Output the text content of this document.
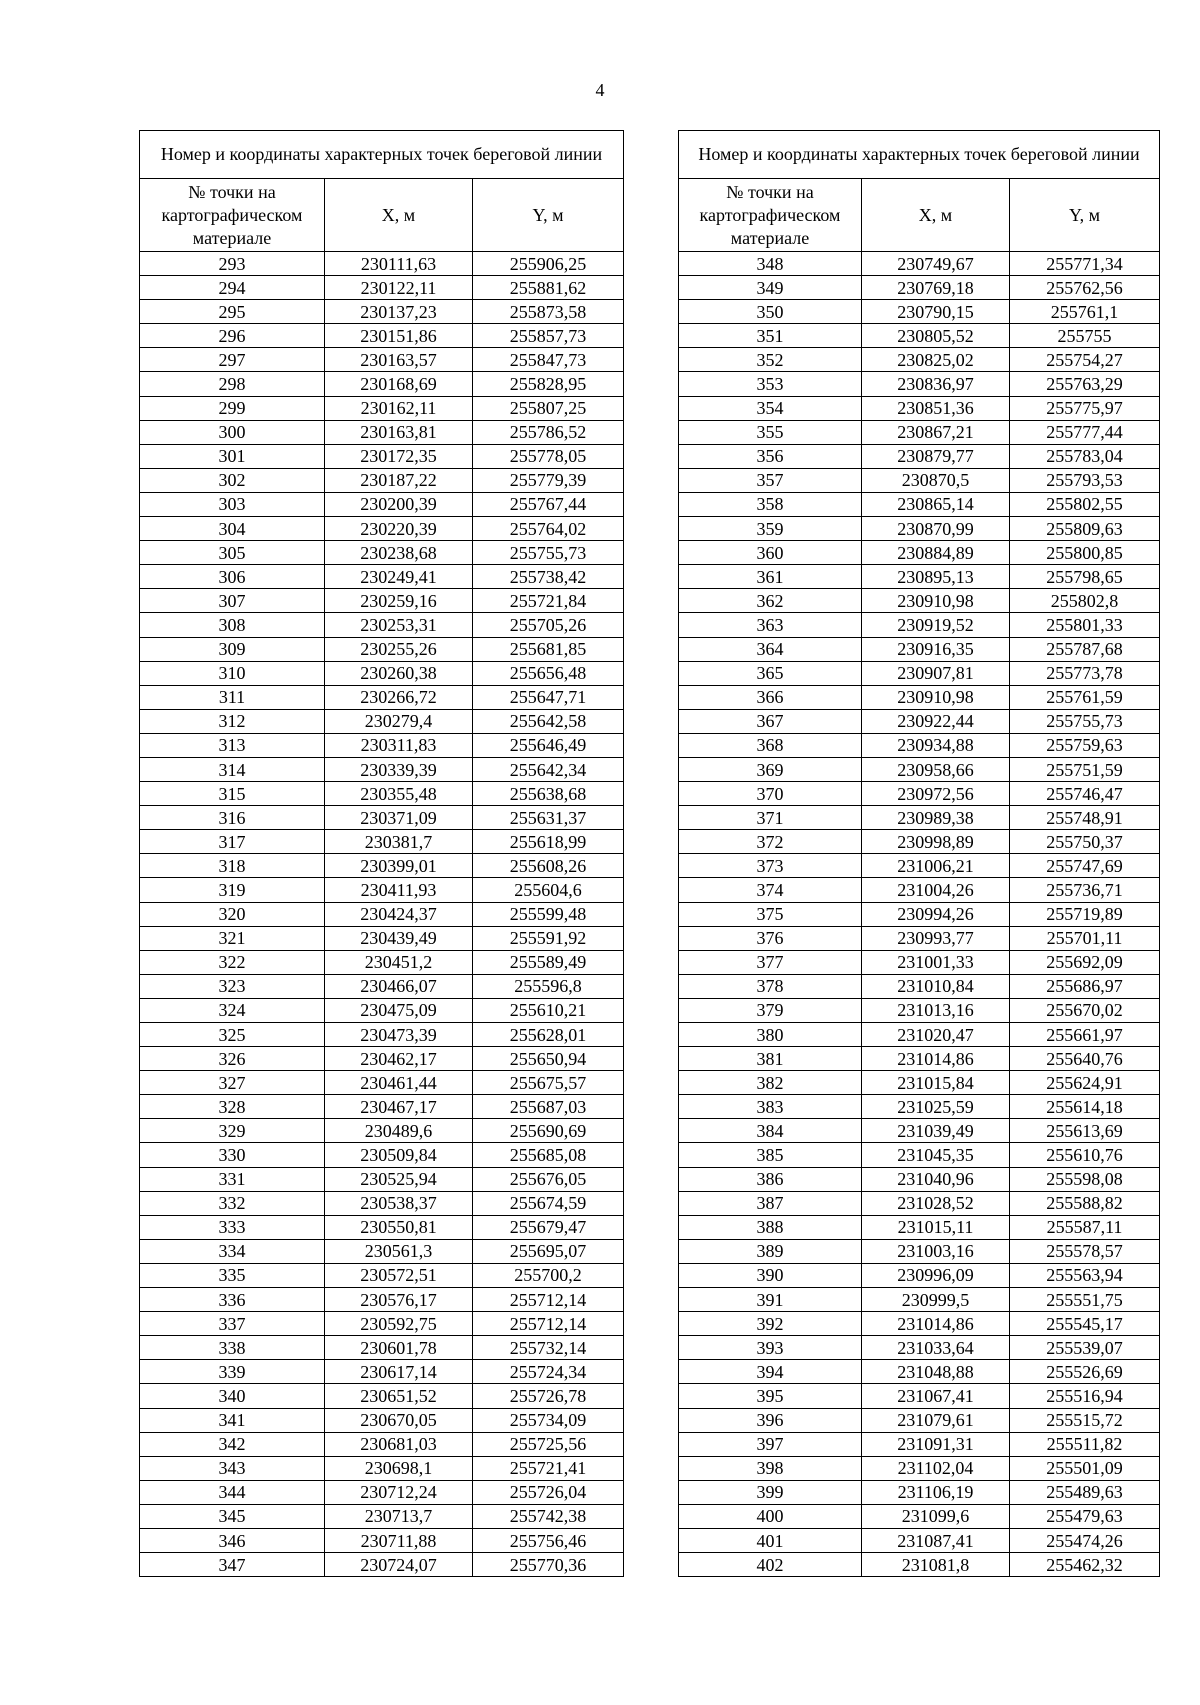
4
Номер и координаты характерных точек береговой линии		
№ точки на картографическом материале	X, м	Y, м
293	230111,63	255906,25
294	230122,11	255881,62
295	230137,23	255873,58
296	230151,86	255857,73
297	230163,57	255847,73
298	230168,69	255828,95
299	230162,11	255807,25
300	230163,81	255786,52
301	230172,35	255778,05
302	230187,22	255779,39
303	230200,39	255767,44
304	230220,39	255764,02
305	230238,68	255755,73
306	230249,41	255738,42
307	230259,16	255721,84
308	230253,31	255705,26
309	230255,26	255681,85
310	230260,38	255656,48
311	230266,72	255647,71
312	230279,4	255642,58
313	230311,83	255646,49
314	230339,39	255642,34
315	230355,48	255638,68
316	230371,09	255631,37
317	230381,7	255618,99
318	230399,01	255608,26
319	230411,93	255604,6
320	230424,37	255599,48
321	230439,49	255591,92
322	230451,2	255589,49
323	230466,07	255596,8
324	230475,09	255610,21
325	230473,39	255628,01
326	230462,17	255650,94
327	230461,44	255675,57
328	230467,17	255687,03
329	230489,6	255690,69
330	230509,84	255685,08
331	230525,94	255676,05
332	230538,37	255674,59
333	230550,81	255679,47
334	230561,3	255695,07
335	230572,51	255700,2
336	230576,17	255712,14
337	230592,75	255712,14
338	230601,78	255732,14
339	230617,14	255724,34
340	230651,52	255726,78
341	230670,05	255734,09
342	230681,03	255725,56
343	230698,1	255721,41
344	230712,24	255726,04
345	230713,7	255742,38
346	230711,88	255756,46
347	230724,07	255770,36
Номер и координаты характерных точек береговой линии		
№ точки на картографическом материале	X, м	Y, м
348	230749,67	255771,34
349	230769,18	255762,56
350	230790,15	255761,1
351	230805,52	255755
352	230825,02	255754,27
353	230836,97	255763,29
354	230851,36	255775,97
355	230867,21	255777,44
356	230879,77	255783,04
357	230870,5	255793,53
358	230865,14	255802,55
359	230870,99	255809,63
360	230884,89	255800,85
361	230895,13	255798,65
362	230910,98	255802,8
363	230919,52	255801,33
364	230916,35	255787,68
365	230907,81	255773,78
366	230910,98	255761,59
367	230922,44	255755,73
368	230934,88	255759,63
369	230958,66	255751,59
370	230972,56	255746,47
371	230989,38	255748,91
372	230998,89	255750,37
373	231006,21	255747,69
374	231004,26	255736,71
375	230994,26	255719,89
376	230993,77	255701,11
377	231001,33	255692,09
378	231010,84	255686,97
379	231013,16	255670,02
380	231020,47	255661,97
381	231014,86	255640,76
382	231015,84	255624,91
383	231025,59	255614,18
384	231039,49	255613,69
385	231045,35	255610,76
386	231040,96	255598,08
387	231028,52	255588,82
388	231015,11	255587,11
389	231003,16	255578,57
390	230996,09	255563,94
391	230999,5	255551,75
392	231014,86	255545,17
393	231033,64	255539,07
394	231048,88	255526,69
395	231067,41	255516,94
396	231079,61	255515,72
397	231091,31	255511,82
398	231102,04	255501,09
399	231106,19	255489,63
400	231099,6	255479,63
401	231087,41	255474,26
402	231081,8	255462,32
